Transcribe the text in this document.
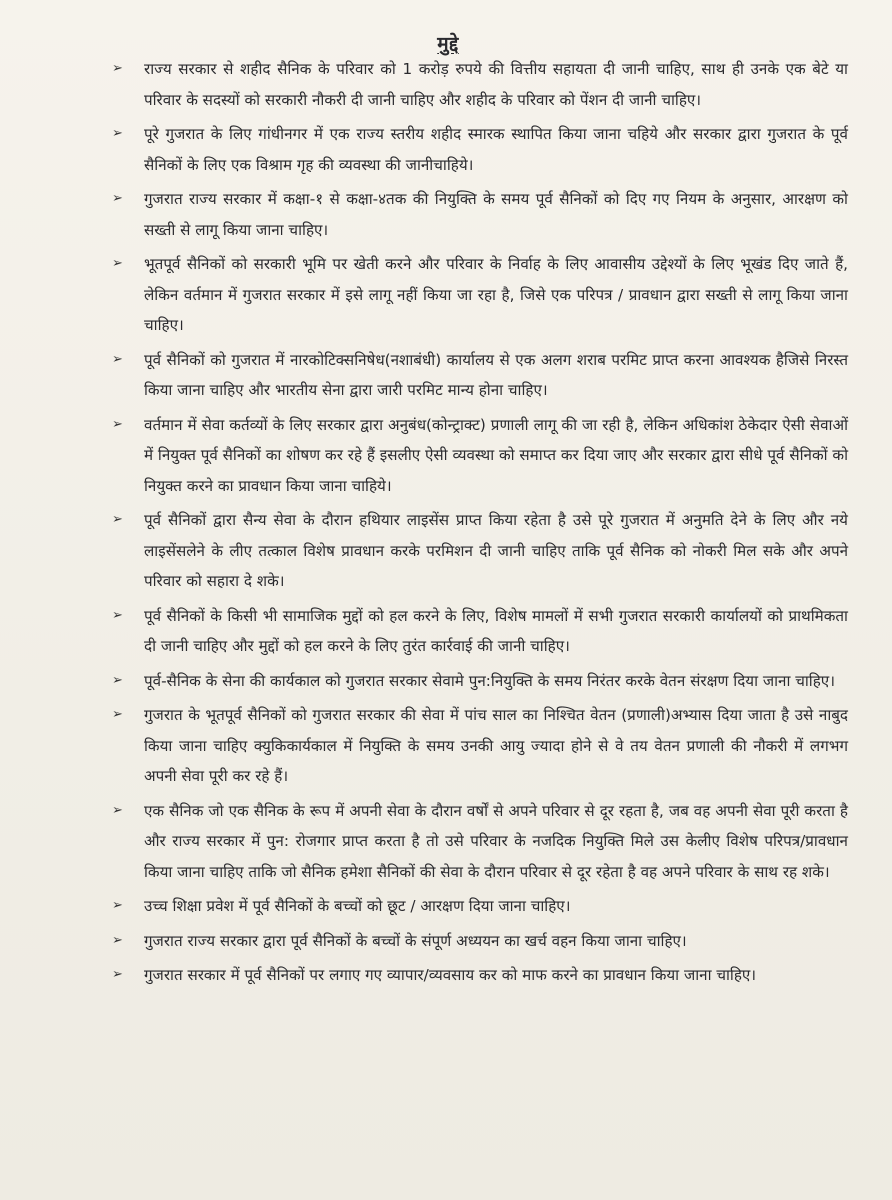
मुद्दे
➢ राज्य सरकार से शहीद सैनिक के परिवार को 1 करोड़ रुपये की वित्तीय सहायता दी जानी चाहिए, साथ ही उनके एक बेटे या परिवार के सदस्यों को सरकारी नौकरी दी जानी चाहिए और शहीद के परिवार को पेंशन दी जानी चाहिए।
➢ पूरे गुजरात के लिए गांधीनगर में एक राज्य स्तरीय शहीद स्मारक स्थापित किया जाना चहिये और सरकार द्वारा गुजरात के पूर्व सैनिकों के लिए एक विश्राम गृह की व्यवस्था की जानीचाहिये।
➢ गुजरात राज्य सरकार में कक्षा-१ से कक्षा-४तक की नियुक्ति के समय पूर्व सैनिकों को दिए गए नियम के अनुसार, आरक्षण को सख्ती से लागू किया जाना चाहिए।
➢ भूतपूर्व सैनिकों को सरकारी भूमि पर खेती करने और परिवार के निर्वाह के लिए आवासीय उद्देश्यों के लिए भूखंड दिए जाते हैं, लेकिन वर्तमान में गुजरात सरकार में इसे लागू नहीं किया जा रहा है, जिसे एक परिपत्र / प्रावधान द्वारा सख्ती से लागू किया जाना चाहिए।
➢ पूर्व सैनिकों को गुजरात में नारकोटिक्सनिषेध(नशाबंधी) कार्यालय से एक अलग शराब परमिट प्राप्त करना आवश्यक हैजिसे निरस्त किया जाना चाहिए और भारतीय सेना द्वारा जारी परमिट मान्य होना चाहिए।
➢ वर्तमान में सेवा कर्तव्यों के लिए सरकार द्वारा अनुबंध(कोन्ट्राक्ट) प्रणाली लागू की जा रही है, लेकिन अधिकांश ठेकेदार ऐसी सेवाओं में नियुक्त पूर्व सैनिकों का शोषण कर रहे हैं इसलीए ऐसी व्यवस्था को समाप्त कर दिया जाए और सरकार द्वारा सीधे पूर्व सैनिकों को नियुक्त करने का प्रावधान किया जाना चाहिये।
➢ पूर्व सैनिकों द्वारा सैन्य सेवा के दौरान हथियार लाइसेंस प्राप्त किया रहेता है उसे पूरे गुजरात में अनुमति देने के लिए और नये लाइसेंसलेने के लीए तत्काल विशेष प्रावधान करके परमिशन दी जानी चाहिए ताकि पूर्व सैनिक को नोकरी मिल सके और अपने परिवार को सहारा दे शके।
➢ पूर्व सैनिकों के किसी भी सामाजिक मुद्दों को हल करने के लिए, विशेष मामलों में सभी गुजरात सरकारी कार्यालयों को प्राथमिकता दी जानी चाहिए और मुद्दों को हल करने के लिए तुरंत कार्रवाई की जानी चाहिए।
➢ पूर्व-सैनिक के सेना की कार्यकाल को गुजरात सरकार सेवामे पुन:नियुक्ति के समय निरंतर करके वेतन संरक्षण दिया जाना चाहिए।
➢ गुजरात के भूतपूर्व सैनिकों को गुजरात सरकार की सेवा में पांच साल का निश्चित वेतन (प्रणाली)अभ्यास दिया जाता है उसे नाबुद किया जाना चाहिए क्युकिकार्यकाल में नियुक्ति के समय उनकी आयु ज्यादा होने से वे तय वेतन प्रणाली की नौकरी में लगभग अपनी सेवा पूरी कर रहे हैं।
➢ एक सैनिक जो एक सैनिक के रूप में अपनी सेवा के दौरान वर्षों से अपने परिवार से दूर रहता है, जब वह अपनी सेवा पूरी करता है और राज्य सरकार में पुन: रोजगार प्राप्त करता है तो उसे परिवार के नजदिक नियुक्ति मिले उस केलीए विशेष परिपत्र/प्रावधान किया जाना चाहिए ताकि जो सैनिक हमेशा सैनिकों की सेवा के दौरान परिवार से दूर रहेता है वह अपने परिवार के साथ रह शके।
➢ उच्च शिक्षा प्रवेश में पूर्व सैनिकों के बच्चों को छूट / आरक्षण दिया जाना चाहिए।
➢ गुजरात राज्य सरकार द्वारा पूर्व सैनिकों के बच्चों के संपूर्ण अध्ययन का खर्च वहन किया जाना चाहिए।
➢ गुजरात सरकार में पूर्व सैनिकों पर लगाए गए व्यापार/व्यवसाय कर को माफ करने का प्रावधान किया जाना चाहिए।
